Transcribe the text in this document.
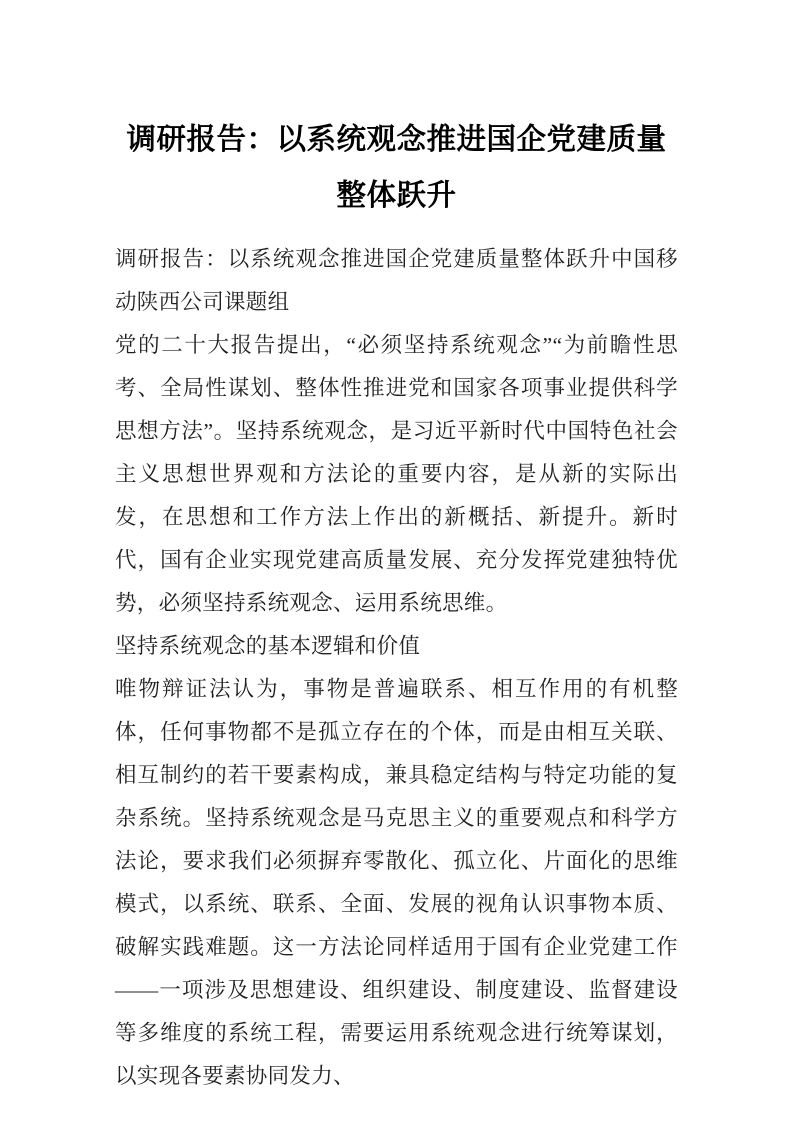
调研报告：以系统观念推进国企党建质量整体跃升

调研报告：以系统观念推进国企党建质量整体跃升中国移动陕西公司课题组

党的二十大报告提出，“必须坚持系统观念”“为前瞻性思考、全局性谋划、整体性推进党和国家各项事业提供科学思想方法”。坚持系统观念，是习近平新时代中国特色社会主义思想世界观和方法论的重要内容，是从新的实际出发，在思想和工作方法上作出的新概括、新提升。新时代，国有企业实现党建高质量发展、充分发挥党建独特优势，必须坚持系统观念、运用系统思维。

坚持系统观念的基本逻辑和价值

唯物辩证法认为，事物是普遍联系、相互作用的有机整体，任何事物都不是孤立存在的个体，而是由相互关联、相互制约的若干要素构成，兼具稳定结构与特定功能的复杂系统。坚持系统观念是马克思主义的重要观点和科学方法论，要求我们必须摒弃零散化、孤立化、片面化的思维模式，以系统、联系、全面、发展的视角认识事物本质、破解实践难题。这一方法论同样适用于国有企业党建工作——一项涉及思想建设、组织建设、制度建设、监督建设等多维度的系统工程，需要运用系统观念进行统筹谋划，以实现各要素协同发力、
